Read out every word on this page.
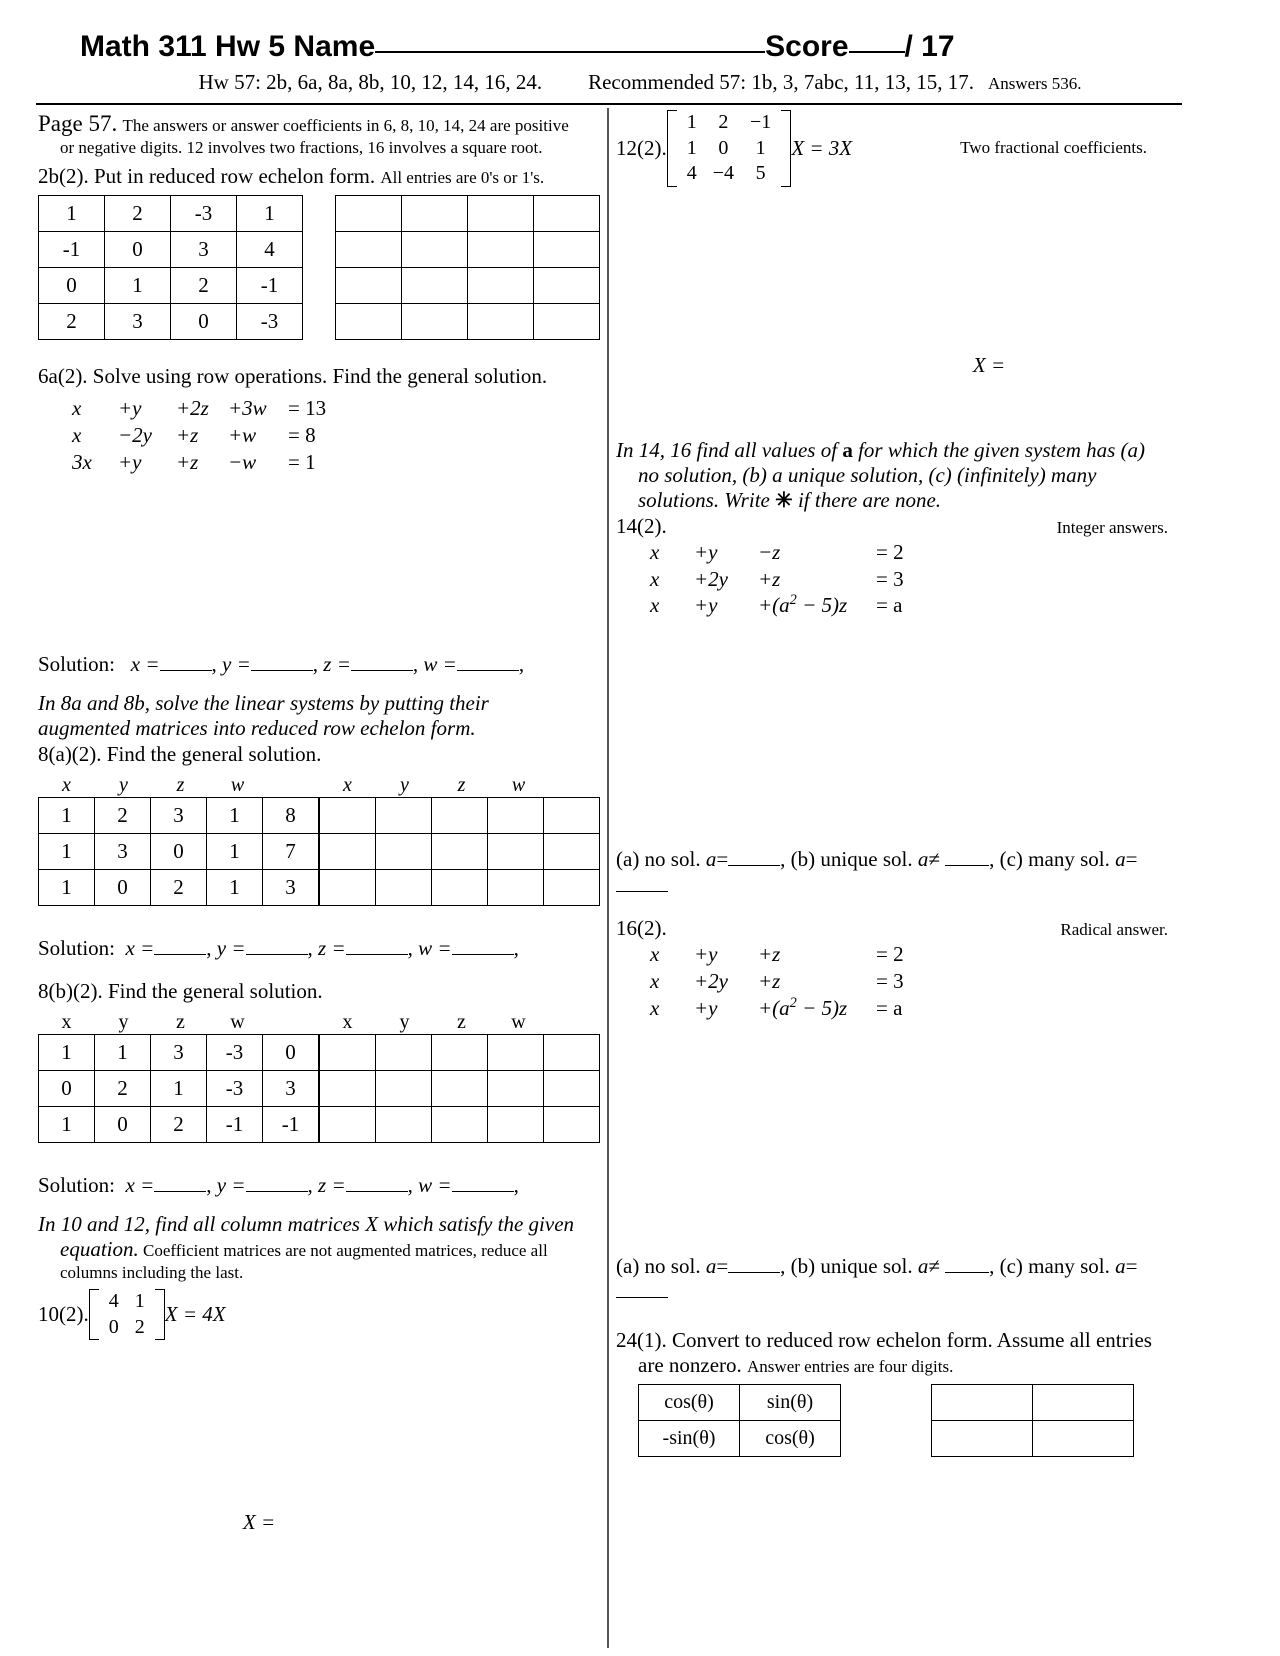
Math 311 Hw 5 Name	Score / 17
Hw 57: 2b, 6a, 8a, 8b, 10, 12, 14, 16, 24. Recommended 57: 1b, 3, 7abc, 11, 13, 15, 17. Answers 536.
Page 57. The answers or answer coefficients in 6, 8, 10, 14, 24 are positive
or negative digits. 12 involves two fractions, 16 involves a square root.
2b(2). Put in reduced row echelon form. All entries are 0's or 1's.
1	2	-3	1
-1	0	3	4
0	1	2	-1
2	3	0	-3

6a(2). Solve using row operations. Find the general solution.
x	+y	+2z +3w	= 13
x	−2y	+z	+w	= 8
3x	+y	+z	−w	= 1
Solution:   x = , y =	, z =	, w =	,
In 8a and 8b, solve the linear systems by putting their
augmented matrices into reduced row echelon form.
8(a)(2). Find the general solution.
x	y	z	w
1	2	3	1	8
1	3	0	1	7
1	0	2	1	3
x	y	z	w

Solution:  x = , y =	, z =	, w =	,
8(b)(2). Find the general solution.
x	y	z	w
1	1	3	-3	0
0	2	1	-3	3
1	0	2	-1	-1
x	y	z	w

Solution:  x = , y =	, z =	, w =	,
In 10 and 12, find all column matrices X which satisfy the given
equation. Coefficient matrices are not augmented matrices, reduce all
columns including the last.
10(2).
4	1
0	2
X = 4X
X =
12(2).
1	2	−1
1	0	1
4	−4	5
X = 3X	Two fractional coefficients.
X =
In 14, 16 find all values of a for which the given system has (a)
no solution, (b) a unique solution, (c) (infinitely) many
solutions. Write ✳ if there are none.
14(2).	Integer answers.
x	+y	−z	= 2
x	+2y	+z	= 3
x	+y	$+(a^2 - 5)z$	= a
(a) no sol. a= , (b) unique sol. a≠ , (c) many sol. a=
16(2).	Radical answer.
x	+y	+z	= 2
x	+2y	+z	= 3
x	+y	$+(a^2 - 5)z$	= a
(a) no sol. a= , (b) unique sol. a≠ , (c) many sol. a=
24(1). Convert to reduced row echelon form. Assume all entries
are nonzero. Answer entries are four digits.
cos(θ)	sin(θ)
-sin(θ)	cos(θ)
